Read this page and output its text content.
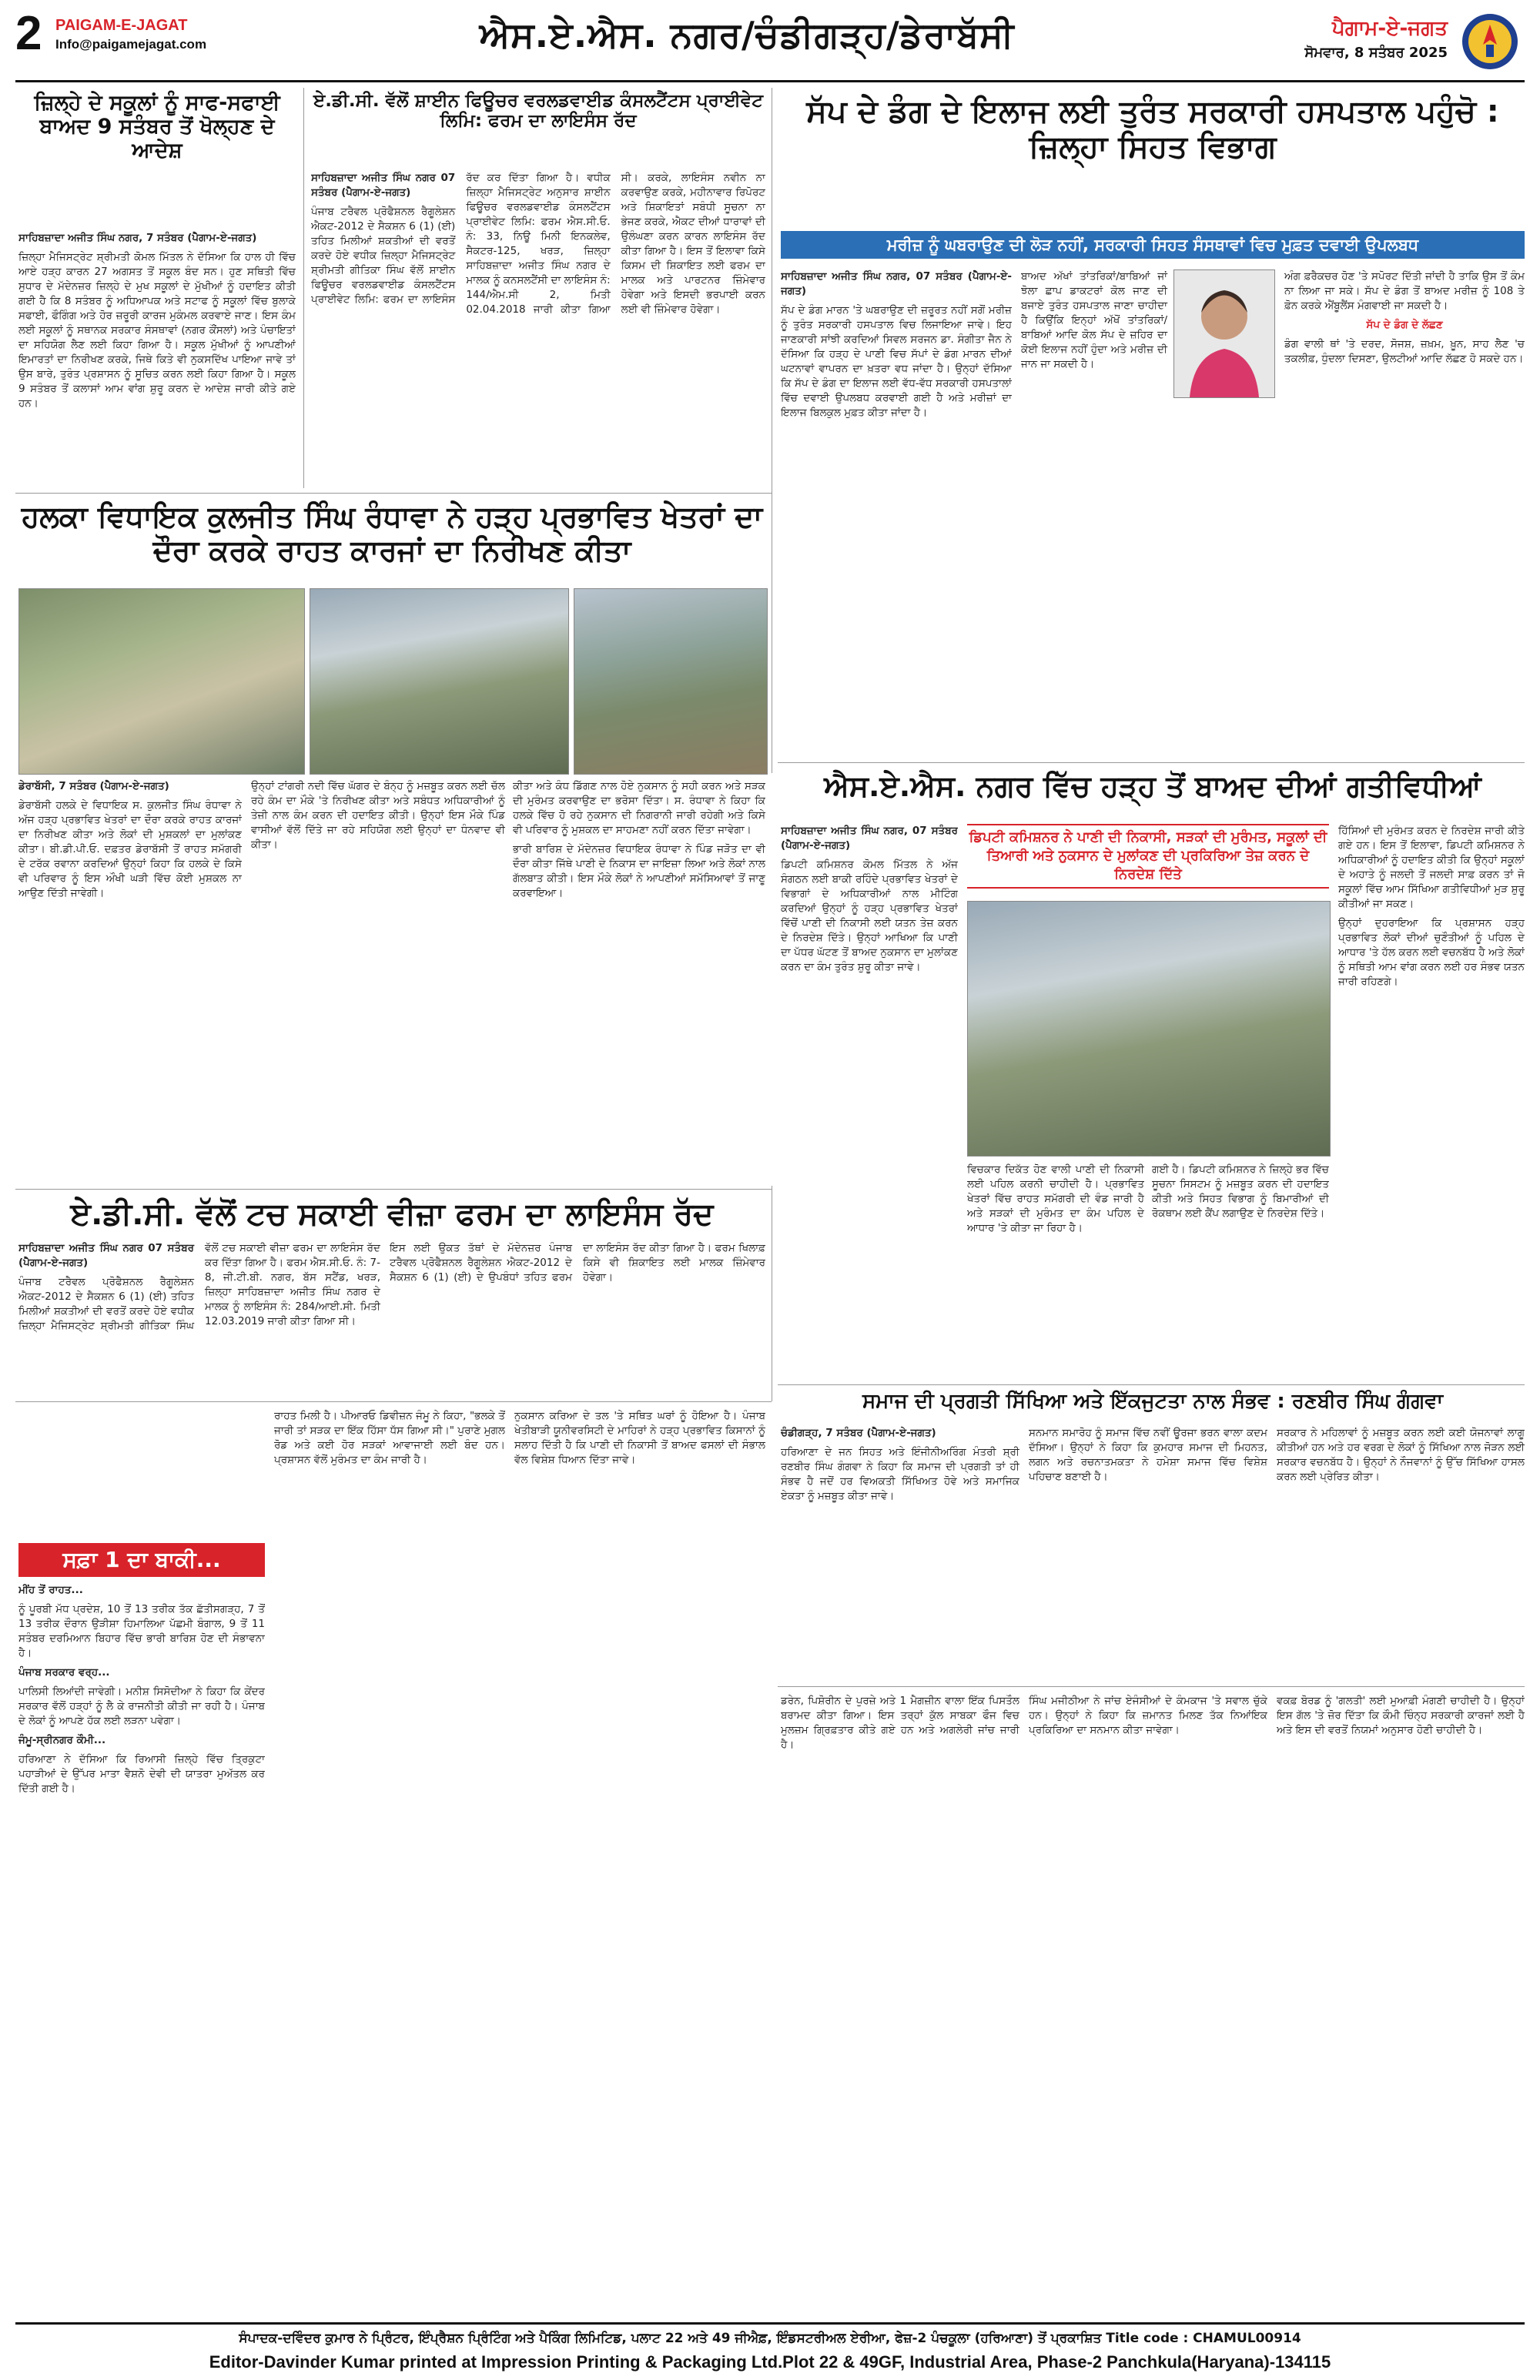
2 PAIGAM-E-JAGAT
Info@paigamejagat.com	ਐਸ.ਏ.ਐਸ. ਨਗਰ/ਚੰਡੀਗੜ੍ਹ/ਡੇਰਾਬੱਸੀ	ਪੈਗਾਮ-ਏ-ਜਗਤ
ਸੋਮਵਾਰ, 8 ਸਤੰਬਰ 2025
ਜ਼ਿਲ੍ਹੇ ਦੇ ਸਕੂਲਾਂ ਨੂੰ ਸਾਫ-ਸਫਾਈ ਬਾਅਦ 9 ਸਤੰਬਰ ਤੋਂ ਖੋਲ੍ਹਣ ਦੇ ਆਦੇਸ਼

ਸਾਹਿਬਜ਼ਾਦਾ ਅਜੀਤ ਸਿੰਘ ਨਗਰ, 7 ਸਤੰਬਰ (ਪੈਗਾਮ-ਏ-ਜਗਤ)

ਜ਼ਿਲ੍ਹਾ ਮੈਜਿਸਟ੍ਰੇਟ ਸ਼੍ਰੀਮਤੀ ਕੋਮਲ ਮਿੱਤਲ ਨੇ ਦੱਸਿਆ ਕਿ ਹਾਲ ਹੀ ਵਿੱਚ ਆਏ ਹੜ੍ਹ ਕਾਰਨ 27 ਅਗਸਤ ਤੋਂ ਸਕੂਲ ਬੰਦ ਸਨ। ਹੁਣ ਸਥਿਤੀ ਵਿੱਚ ਸੁਧਾਰ ਦੇ ਮੱਦੇਨਜ਼ਰ ਜ਼ਿਲ੍ਹੇ ਦੇ ਮੁਖ ਸਕੂਲਾਂ ਦੇ ਮੁੱਖੀਆਂ ਨੂੰ ਹਦਾਇਤ ਕੀਤੀ ਗਈ ਹੈ ਕਿ 8 ਸਤੰਬਰ ਨੂੰ ਅਧਿਆਪਕ ਅਤੇ ਸਟਾਫ ਨੂੰ ਸਕੂਲਾਂ ਵਿੱਚ ਬੁਲਾਕੇ ਸਫਾਈ, ਫੌਗਿੰਗ ਅਤੇ ਹੋਰ ਜ਼ਰੂਰੀ ਕਾਰਜ ਮੁਕੰਮਲ ਕਰਵਾਏ ਜਾਣ। ਇਸ ਕੰਮ ਲਈ ਸਕੂਲਾਂ ਨੂੰ ਸਥਾਨਕ ਸਰਕਾਰ ਸੰਸਥਾਵਾਂ (ਨਗਰ ਕੌਂਸਲਾਂ) ਅਤੇ ਪੰਚਾਇਤਾਂ ਦਾ ਸਹਿਯੋਗ ਲੈਣ ਲਈ ਕਿਹਾ ਗਿਆ ਹੈ। ਸਕੂਲ ਮੁੱਖੀਆਂ ਨੂੰ ਆਪਣੀਆਂ ਇਮਾਰਤਾਂ ਦਾ ਨਿਰੀਖਣ ਕਰਕੇ, ਜਿਥੇ ਕਿਤੇ ਵੀ ਨੁਕਸਦਿੱਖ ਪਾਇਆ ਜਾਵੇ ਤਾਂ ਉਸ ਬਾਰੇ, ਤੁਰੰਤ ਪ੍ਰਸ਼ਾਸਨ ਨੂੰ ਸੂਚਿਤ ਕਰਨ ਲਈ ਕਿਹਾ ਗਿਆ ਹੈ। ਸਕੂਲ 9 ਸਤੰਬਰ ਤੋਂ ਕਲਾਸਾਂ ਆਮ ਵਾਂਗ ਸ਼ੁਰੂ ਕਰਨ ਦੇ ਆਦੇਸ਼ ਜਾਰੀ ਕੀਤੇ ਗਏ ਹਨ।

ਏ.ਡੀ.ਸੀ. ਵੱਲੋਂ ਸ਼ਾਈਨ ਫਿਊਚਰ ਵਰਲਡਵਾਈਡ ਕੰਸਲਟੈਂਟਸ ਪ੍ਰਾਈਵੇਟ ਲਿਮਿ: ਫਰਮ ਦਾ ਲਾਇਸੰਸ ਰੱਦ

ਸਾਹਿਬਜ਼ਾਦਾ ਅਜੀਤ ਸਿੰਘ ਨਗਰ 07 ਸਤੰਬਰ (ਪੈਗਾਮ-ਏ-ਜਗਤ)

ਪੰਜਾਬ ਟਰੈਵਲ ਪ੍ਰੋਫੈਸ਼ਨਲ ਰੈਗੂਲੇਸ਼ਨ ਐਕਟ-2012 ਦੇ ਸੈਕਸ਼ਨ 6 (1) (ਈ) ਤਹਿਤ ਮਿਲੀਆਂ ਸ਼ਕਤੀਆਂ ਦੀ ਵਰਤੋਂ ਕਰਦੇ ਹੋਏ ਵਧੀਕ ਜ਼ਿਲ੍ਹਾ ਮੈਜਿਸਟ੍ਰੇਟ ਸ਼੍ਰੀਮਤੀ ਗੀਤਿਕਾ ਸਿੰਘ ਵੱਲੋਂ ਸ਼ਾਈਨ ਫਿਊਚਰ ਵਰਲਡਵਾਈਡ ਕੰਸਲਟੈਂਟਸ ਪ੍ਰਾਈਵੇਟ ਲਿਮਿ: ਫਰਮ ਦਾ ਲਾਇਸੰਸ ਰੱਦ ਕਰ ਦਿੱਤਾ ਗਿਆ ਹੈ। ਵਧੀਕ ਜ਼ਿਲ੍ਹਾ ਮੈਜਿਸਟ੍ਰੇਟ ਅਨੁਸਾਰ ਸ਼ਾਈਨ ਫਿਊਚਰ ਵਰਲਡਵਾਈਡ ਕੰਸਲਟੈਂਟਸ ਪ੍ਰਾਈਵੇਟ ਲਿਮਿ: ਫਰਮ ਐਸ.ਸੀ.ਓ. ਨੰ: 33, ਨਿਊ ਮਿਨੀ ਇਨਕਲੇਵ, ਸੈਕਟਰ-125, ਖਰੜ, ਜ਼ਿਲ੍ਹਾ ਸਾਹਿਬਜ਼ਾਦਾ ਅਜੀਤ ਸਿੰਘ ਨਗਰ ਦੇ ਮਾਲਕ ਨੂੰ ਕਨਸਲਟੈਂਸੀ ਦਾ ਲਾਇਸੰਸ ਨੰ: 144/ਐਮ.ਸੀ 2, ਮਿਤੀ 02.04.2018 ਜਾਰੀ ਕੀਤਾ ਗਿਆ ਸੀ। ਕਰਕੇ, ਲਾਇਸੰਸ ਨਵੀਨ ਨਾ ਕਰਵਾਉਣ ਕਰਕੇ, ਮਹੀਨਾਵਾਰ ਰਿਪੋਰਟ ਅਤੇ ਸ਼ਿਕਾਇਤਾਂ ਸਬੰਧੀ ਸੂਚਨਾ ਨਾ ਭੇਜਣ ਕਰਕੇ, ਐਕਟ ਦੀਆਂ ਧਾਰਾਵਾਂ ਦੀ ਉਲੰਘਣਾ ਕਰਨ ਕਾਰਨ ਲਾਇਸੰਸ ਰੱਦ ਕੀਤਾ ਗਿਆ ਹੈ। ਇਸ ਤੋਂ ਇਲਾਵਾ ਕਿਸੇ ਕਿਸਮ ਦੀ ਸ਼ਿਕਾਇਤ ਲਈ ਫਰਮ ਦਾ ਮਾਲਕ ਅਤੇ ਪਾਰਟਨਰ ਜ਼ਿੰਮੇਵਾਰ ਹੋਵੇਗਾ ਅਤੇ ਇਸਦੀ ਭਰਪਾਈ ਕਰਨ ਲਈ ਵੀ ਜ਼ਿੰਮੇਵਾਰ ਹੋਵੇਗਾ।

ਸੱਪ ਦੇ ਡੰਗ ਦੇ ਇਲਾਜ ਲਈ ਤੁਰੰਤ ਸਰਕਾਰੀ ਹਸਪਤਾਲ ਪਹੁੰਚੋ : ਜ਼ਿਲ੍ਹਾ ਸਿਹਤ ਵਿਭਾਗ
ਮਰੀਜ਼ ਨੂੰ ਘਬਰਾਉਣ ਦੀ ਲੋੜ ਨਹੀਂ, ਸਰਕਾਰੀ ਸਿਹਤ ਸੰਸਥਾਵਾਂ ਵਿਚ ਮੁਫ਼ਤ ਦਵਾਈ ਉਪਲਬਧ

ਸਾਹਿਬਜ਼ਾਦਾ ਅਜੀਤ ਸਿੰਘ ਨਗਰ, 07 ਸਤੰਬਰ (ਪੈਗਾਮ-ਏ-ਜਗਤ)

ਸੱਪ ਦੇ ਡੰਗ ਮਾਰਨ 'ਤੇ ਘਬਰਾਉਣ ਦੀ ਜ਼ਰੂਰਤ ਨਹੀਂ ਸਗੋਂ ਮਰੀਜ਼ ਨੂੰ ਤੁਰੰਤ ਸਰਕਾਰੀ ਹਸਪਤਾਲ ਵਿਚ ਲਿਜਾਇਆ ਜਾਵੇ। ਇਹ ਜਾਣਕਾਰੀ ਸਾਂਝੀ ਕਰਦਿਆਂ ਸਿਵਲ ਸਰਜਨ ਡਾ. ਸੰਗੀਤਾ ਜੈਨ ਨੇ ਦੱਸਿਆ ਕਿ ਹੜ੍ਹ ਦੇ ਪਾਣੀ ਵਿਚ ਸੱਪਾਂ ਦੇ ਡੰਗ ਮਾਰਨ ਦੀਆਂ ਘਟਨਾਵਾਂ ਵਾਪਰਨ ਦਾ ਖ਼ਤਰਾ ਵਧ ਜਾਂਦਾ ਹੈ। ਉਨ੍ਹਾਂ ਦੱਸਿਆ ਕਿ ਸੱਪ ਦੇ ਡੰਗ ਦਾ ਇਲਾਜ ਲਈ ਵੱਧ-ਵੱਧ ਸਰਕਾਰੀ ਹਸਪਤਾਲਾਂ ਵਿੱਚ ਦਵਾਈ ਉਪਲਬਧ ਕਰਵਾਈ ਗਈ ਹੈ ਅਤੇ ਮਰੀਜ਼ਾਂ ਦਾ ਇਲਾਜ ਬਿਲਕੁਲ ਮੁਫ਼ਤ ਕੀਤਾ ਜਾਂਦਾ ਹੈ।

ਬਾਅਦ ਅੱਖਾਂ ਤਾਂਤਰਿਕਾਂ/ਬਾਬਿਆਂ ਜਾਂ ਝੋਲਾ ਛਾਪ ਡਾਕਟਰਾਂ ਕੋਲ ਜਾਣ ਦੀ ਬਜਾਏ ਤੁਰੰਤ ਹਸਪਤਾਲ ਜਾਣਾ ਚਾਹੀਦਾ ਹੈ ਕਿਉਂਕਿ ਇਨ੍ਹਾਂ ਅੱਖੋਂ ਤਾਂਤਰਿਕਾਂ/ਬਾਬਿਆਂ ਆਦਿ ਕੋਲ ਸੱਪ ਦੇ ਜ਼ਹਿਰ ਦਾ ਕੋਈ ਇਲਾਜ ਨਹੀਂ ਹੁੰਦਾ ਅਤੇ ਮਰੀਜ਼ ਦੀ ਜਾਨ ਜਾ ਸਕਦੀ ਹੈ।

ਅੰਗ ਫ਼ਰੈਕਚਰ ਹੋਣ 'ਤੇ ਸਪੋਰਟ ਦਿੱਤੀ ਜਾਂਦੀ ਹੈ ਤਾਕਿ ਉਸ ਤੋਂ ਕੰਮ ਨਾ ਲਿਆ ਜਾ ਸਕੇ। ਸੱਪ ਦੇ ਡੰਗ ਤੋਂ ਬਾਅਦ ਮਰੀਜ਼ ਨੂੰ 108 ਤੇ ਫ਼ੋਨ ਕਰਕੇ ਐਂਬੂਲੈਂਸ ਮੰਗਵਾਈ ਜਾ ਸਕਦੀ ਹੈ।

ਸੱਪ ਦੇ ਡੰਗ ਦੇ ਲੱਛਣ

ਡੰਗ ਵਾਲੀ ਥਾਂ 'ਤੇ ਦਰਦ, ਸੋਜਸ਼, ਜ਼ਖ਼ਮ, ਖ਼ੂਨ, ਸਾਹ ਲੈਣ 'ਚ ਤਕਲੀਫ਼, ਧੁੰਦਲਾ ਦਿਸਣਾ, ਉਲਟੀਆਂ ਆਦਿ ਲੱਛਣ ਹੋ ਸਕਦੇ ਹਨ।

ਹਲਕਾ ਵਿਧਾਇਕ ਕੁਲਜੀਤ ਸਿੰਘ ਰੰਧਾਵਾ ਨੇ ਹੜ੍ਹ ਪ੍ਰਭਾਵਿਤ ਖੇਤਰਾਂ ਦਾ ਦੌਰਾ ਕਰਕੇ ਰਾਹਤ ਕਾਰਜਾਂ ਦਾ ਨਿਰੀਖਣ ਕੀਤਾ

ਡੇਰਾਬੱਸੀ, 7 ਸਤੰਬਰ (ਪੈਗਾਮ-ਏ-ਜਗਤ)

ਡੇਰਾਬੱਸੀ ਹਲਕੇ ਦੇ ਵਿਧਾਇਕ ਸ. ਕੁਲਜੀਤ ਸਿੰਘ ਰੰਧਾਵਾ ਨੇ ਅੱਜ ਹੜ੍ਹ ਪ੍ਰਭਾਵਿਤ ਖੇਤਰਾਂ ਦਾ ਦੌਰਾ ਕਰਕੇ ਰਾਹਤ ਕਾਰਜਾਂ ਦਾ ਨਿਰੀਖਣ ਕੀਤਾ ਅਤੇ ਲੋਕਾਂ ਦੀ ਮੁਸ਼ਕਲਾਂ ਦਾ ਮੁਲਾਂਕਣ ਕੀਤਾ। ਬੀ.ਡੀ.ਪੀ.ਓ. ਦਫ਼ਤਰ ਡੇਰਾਬੱਸੀ ਤੋਂ ਰਾਹਤ ਸਮੱਗਰੀ ਦੇ ਟਰੱਕ ਰਵਾਨਾ ਕਰਦਿਆਂ ਉਨ੍ਹਾਂ ਕਿਹਾ ਕਿ ਹਲਕੇ ਦੇ ਕਿਸੇ ਵੀ ਪਰਿਵਾਰ ਨੂੰ ਇਸ ਔਖੀ ਘੜੀ ਵਿੱਚ ਕੋਈ ਮੁਸ਼ਕਲ ਨਾ ਆਉਣ ਦਿੱਤੀ ਜਾਵੇਗੀ।

ਉਨ੍ਹਾਂ ਟਾਂਗਰੀ ਨਦੀ ਵਿੱਚ ਘੱਗਰ ਦੇ ਬੰਨ੍ਹ ਨੂੰ ਮਜ਼ਬੂਤ ਕਰਨ ਲਈ ਚੱਲ ਰਹੇ ਕੰਮ ਦਾ ਮੌਕੇ 'ਤੇ ਨਿਰੀਖਣ ਕੀਤਾ ਅਤੇ ਸਬੰਧਤ ਅਧਿਕਾਰੀਆਂ ਨੂੰ ਤੇਜ਼ੀ ਨਾਲ ਕੰਮ ਕਰਨ ਦੀ ਹਦਾਇਤ ਕੀਤੀ। ਉਨ੍ਹਾਂ ਇਸ ਮੌਕੇ ਪਿੰਡ ਵਾਸੀਆਂ ਵੱਲੋਂ ਦਿੱਤੇ ਜਾ ਰਹੇ ਸਹਿਯੋਗ ਲਈ ਉਨ੍ਹਾਂ ਦਾ ਧੰਨਵਾਦ ਵੀ ਕੀਤਾ।

ਕੀਤਾ ਅਤੇ ਕੰਧ ਡਿੱਗਣ ਨਾਲ ਹੋਏ ਨੁਕਸਾਨ ਨੂੰ ਸਹੀ ਕਰਨ ਅਤੇ ਸੜਕ ਦੀ ਮੁਰੰਮਤ ਕਰਵਾਉਣ ਦਾ ਭਰੋਸਾ ਦਿੱਤਾ। ਸ. ਰੰਧਾਵਾ ਨੇ ਕਿਹਾ ਕਿ ਹਲਕੇ ਵਿੱਚ ਹੋ ਰਹੇ ਨੁਕਸਾਨ ਦੀ ਨਿਗਰਾਨੀ ਜਾਰੀ ਰਹੇਗੀ ਅਤੇ ਕਿਸੇ ਵੀ ਪਰਿਵਾਰ ਨੂੰ ਮੁਸ਼ਕਲ ਦਾ ਸਾਹਮਣਾ ਨਹੀਂ ਕਰਨ ਦਿੱਤਾ ਜਾਵੇਗਾ।

ਭਾਰੀ ਬਾਰਿਸ਼ ਦੇ ਮੱਦੇਨਜ਼ਰ ਵਿਧਾਇਕ ਰੰਧਾਵਾ ਨੇ ਪਿੰਡ ਜੜੋਤ ਦਾ ਵੀ ਦੌਰਾ ਕੀਤਾ ਜਿੱਥੇ ਪਾਣੀ ਦੇ ਨਿਕਾਸ ਦਾ ਜਾਇਜ਼ਾ ਲਿਆ ਅਤੇ ਲੋਕਾਂ ਨਾਲ ਗੱਲਬਾਤ ਕੀਤੀ। ਇਸ ਮੌਕੇ ਲੋਕਾਂ ਨੇ ਆਪਣੀਆਂ ਸਮੱਸਿਆਵਾਂ ਤੋਂ ਜਾਣੂ ਕਰਵਾਇਆ।

ਐਸ.ਏ.ਐਸ. ਨਗਰ ਵਿੱਚ ਹੜ੍ਹ ਤੋਂ ਬਾਅਦ ਦੀਆਂ ਗਤੀਵਿਧੀਆਂ

ਸਾਹਿਬਜ਼ਾਦਾ ਅਜੀਤ ਸਿੰਘ ਨਗਰ, 07 ਸਤੰਬਰ (ਪੈਗਾਮ-ਏ-ਜਗਤ)

ਡਿਪਟੀ ਕਮਿਸ਼ਨਰ ਕੋਮਲ ਮਿੱਤਲ ਨੇ ਅੱਜ ਸੰਗਠਨ ਲਈ ਬਾਕੀ ਰਹਿੰਦੇ ਪ੍ਰਭਾਵਿਤ ਖੇਤਰਾਂ ਦੇ ਵਿਭਾਗਾਂ ਦੇ ਅਧਿਕਾਰੀਆਂ ਨਾਲ ਮੀਟਿੰਗ ਕਰਦਿਆਂ ਉਨ੍ਹਾਂ ਨੂੰ ਹੜ੍ਹ ਪ੍ਰਭਾਵਿਤ ਖੇਤਰਾਂ ਵਿੱਚੋਂ ਪਾਣੀ ਦੀ ਨਿਕਾਸੀ ਲਈ ਯਤਨ ਤੇਜ਼ ਕਰਨ ਦੇ ਨਿਰਦੇਸ਼ ਦਿੱਤੇ। ਉਨ੍ਹਾਂ ਆਖਿਆ ਕਿ ਪਾਣੀ ਦਾ ਪੱਧਰ ਘੱਟਣ ਤੋਂ ਬਾਅਦ ਨੁਕਸਾਨ ਦਾ ਮੁਲਾਂਕਣ ਕਰਨ ਦਾ ਕੰਮ ਤੁਰੰਤ ਸ਼ੁਰੂ ਕੀਤਾ ਜਾਵੇ।

ਡਿਪਟੀ ਕਮਿਸ਼ਨਰ ਨੇ ਪਾਣੀ ਦੀ ਨਿਕਾਸੀ, ਸੜਕਾਂ ਦੀ ਮੁਰੰਮਤ, ਸਕੂਲਾਂ ਦੀ ਤਿਆਰੀ ਅਤੇ ਨੁਕਸਾਨ ਦੇ ਮੁਲਾਂਕਣ ਦੀ ਪ੍ਰਕਿਰਿਆ ਤੇਜ਼ ਕਰਨ ਦੇ ਨਿਰਦੇਸ਼ ਦਿੱਤੇ

ਹਿੱਸਿਆਂ ਦੀ ਮੁਰੰਮਤ ਕਰਨ ਦੇ ਨਿਰਦੇਸ਼ ਜਾਰੀ ਕੀਤੇ ਗਏ ਹਨ। ਇਸ ਤੋਂ ਇਲਾਵਾ, ਡਿਪਟੀ ਕਮਿਸ਼ਨਰ ਨੇ ਅਧਿਕਾਰੀਆਂ ਨੂੰ ਹਦਾਇਤ ਕੀਤੀ ਕਿ ਉਨ੍ਹਾਂ ਸਕੂਲਾਂ ਦੇ ਅਹਾਤੇ ਨੂੰ ਜਲਦੀ ਤੋਂ ਜਲਦੀ ਸਾਫ਼ ਕਰਨ ਤਾਂ ਜੋ ਸਕੂਲਾਂ ਵਿੱਚ ਆਮ ਸਿੱਖਿਆ ਗਤੀਵਿਧੀਆਂ ਮੁੜ ਸ਼ੁਰੂ ਕੀਤੀਆਂ ਜਾ ਸਕਣ।

ਉਨ੍ਹਾਂ ਦੁਹਰਾਇਆ ਕਿ ਪ੍ਰਸ਼ਾਸਨ ਹੜ੍ਹ ਪ੍ਰਭਾਵਿਤ ਲੋਕਾਂ ਦੀਆਂ ਚੁਣੌਤੀਆਂ ਨੂੰ ਪਹਿਲ ਦੇ ਆਧਾਰ 'ਤੇ ਹੱਲ ਕਰਨ ਲਈ ਵਚਨਬੱਧ ਹੈ ਅਤੇ ਲੋਕਾਂ ਨੂੰ ਸਥਿਤੀ ਆਮ ਵਾਂਗ ਕਰਨ ਲਈ ਹਰ ਸੰਭਵ ਯਤਨ ਜਾਰੀ ਰਹਿਣਗੇ।

ਵਿਚਕਾਰ ਦਿਕੱਤ ਹੋਣ ਵਾਲੀ ਪਾਣੀ ਦੀ ਨਿਕਾਸੀ ਲਈ ਪਹਿਲ ਕਰਨੀ ਚਾਹੀਦੀ ਹੈ। ਪ੍ਰਭਾਵਿਤ ਖੇਤਰਾਂ ਵਿੱਚ ਰਾਹਤ ਸਮੱਗਰੀ ਦੀ ਵੰਡ ਜਾਰੀ ਹੈ ਅਤੇ ਸੜਕਾਂ ਦੀ ਮੁਰੰਮਤ ਦਾ ਕੰਮ ਪਹਿਲ ਦੇ ਆਧਾਰ 'ਤੇ ਕੀਤਾ ਜਾ ਰਿਹਾ ਹੈ।

ਗਈ ਹੈ। ਡਿਪਟੀ ਕਮਿਸ਼ਨਰ ਨੇ ਜ਼ਿਲ੍ਹੇ ਭਰ ਵਿੱਚ ਸੂਚਨਾ ਸਿਸਟਮ ਨੂੰ ਮਜ਼ਬੂਤ ਕਰਨ ਦੀ ਹਦਾਇਤ ਕੀਤੀ ਅਤੇ ਸਿਹਤ ਵਿਭਾਗ ਨੂੰ ਬਿਮਾਰੀਆਂ ਦੀ ਰੋਕਥਾਮ ਲਈ ਕੈਂਪ ਲਗਾਉਣ ਦੇ ਨਿਰਦੇਸ਼ ਦਿੱਤੇ।

ਏ.ਡੀ.ਸੀ. ਵੱਲੋਂ ਟਚ ਸਕਾਈ ਵੀਜ਼ਾ ਫਰਮ ਦਾ ਲਾਇਸੰਸ ਰੱਦ

ਸਾਹਿਬਜ਼ਾਦਾ ਅਜੀਤ ਸਿੰਘ ਨਗਰ 07 ਸਤੰਬਰ (ਪੈਗਾਮ-ਏ-ਜਗਤ)

ਪੰਜਾਬ ਟਰੈਵਲ ਪ੍ਰੋਫੈਸ਼ਨਲ ਰੈਗੂਲੇਸ਼ਨ ਐਕਟ-2012 ਦੇ ਸੈਕਸ਼ਨ 6 (1) (ਈ) ਤਹਿਤ ਮਿਲੀਆਂ ਸ਼ਕਤੀਆਂ ਦੀ ਵਰਤੋਂ ਕਰਦੇ ਹੋਏ ਵਧੀਕ ਜ਼ਿਲ੍ਹਾ ਮੈਜਿਸਟ੍ਰੇਟ ਸ਼੍ਰੀਮਤੀ ਗੀਤਿਕਾ ਸਿੰਘ ਵੱਲੋਂ ਟਚ ਸਕਾਈ ਵੀਜ਼ਾ ਫਰਮ ਦਾ ਲਾਇਸੰਸ ਰੱਦ ਕਰ ਦਿੱਤਾ ਗਿਆ ਹੈ। ਫਰਮ ਐਸ.ਸੀ.ਓ. ਨੰ: 7-8, ਜੀ.ਟੀ.ਬੀ. ਨਗਰ, ਬੱਸ ਸਟੈਂਡ, ਖਰੜ, ਜ਼ਿਲ੍ਹਾ ਸਾਹਿਬਜ਼ਾਦਾ ਅਜੀਤ ਸਿੰਘ ਨਗਰ ਦੇ ਮਾਲਕ ਨੂੰ ਲਾਇਸੰਸ ਨੰ: 284/ਆਈ.ਸੀ. ਮਿਤੀ 12.03.2019 ਜਾਰੀ ਕੀਤਾ ਗਿਆ ਸੀ।

ਇਸ ਲਈ ਉਕਤ ਤੱਥਾਂ ਦੇ ਮੱਦੇਨਜ਼ਰ ਪੰਜਾਬ ਟਰੈਵਲ ਪ੍ਰੋਫੈਸ਼ਨਲ ਰੈਗੂਲੇਸ਼ਨ ਐਕਟ-2012 ਦੇ ਸੈਕਸ਼ਨ 6 (1) (ਈ) ਦੇ ਉਪਬੰਧਾਂ ਤਹਿਤ ਫਰਮ ਦਾ ਲਾਇਸੰਸ ਰੱਦ ਕੀਤਾ ਗਿਆ ਹੈ। ਫਰਮ ਖਿਲਾਫ਼ ਕਿਸੇ ਵੀ ਸ਼ਿਕਾਇਤ ਲਈ ਮਾਲਕ ਜ਼ਿੰਮੇਵਾਰ ਹੋਵੇਗਾ।

ਸਮਾਜ ਦੀ ਪ੍ਰਗਤੀ ਸਿੱਖਿਆ ਅਤੇ ਇੱਕਜੁਟਤਾ ਨਾਲ ਸੰਭਵ : ਰਣਬੀਰ ਸਿੰਘ ਗੰਗਵਾ

ਚੰਡੀਗੜ੍ਹ, 7 ਸਤੰਬਰ (ਪੈਗਾਮ-ਏ-ਜਗਤ)

ਹਰਿਆਣਾ ਦੇ ਜਨ ਸਿਹਤ ਅਤੇ ਇੰਜੀਨੀਅਰਿੰਗ ਮੰਤਰੀ ਸ਼੍ਰੀ ਰਣਬੀਰ ਸਿੰਘ ਗੰਗਵਾ ਨੇ ਕਿਹਾ ਕਿ ਸਮਾਜ ਦੀ ਪ੍ਰਗਤੀ ਤਾਂ ਹੀ ਸੰਭਵ ਹੈ ਜਦੋਂ ਹਰ ਵਿਅਕਤੀ ਸਿੱਖਿਅਤ ਹੋਵੇ ਅਤੇ ਸਮਾਜਿਕ ਏਕਤਾ ਨੂੰ ਮਜ਼ਬੂਤ ਕੀਤਾ ਜਾਵੇ।

ਸਨਮਾਨ ਸਮਾਰੋਹ ਨੂੰ ਸਮਾਜ ਵਿੱਚ ਨਵੀਂ ਊਰਜਾ ਭਰਨ ਵਾਲਾ ਕਦਮ ਦੱਸਿਆ। ਉਨ੍ਹਾਂ ਨੇ ਕਿਹਾ ਕਿ ਕੁਮਹਾਰ ਸਮਾਜ ਦੀ ਮਿਹਨਤ, ਲਗਨ ਅਤੇ ਰਚਨਾਤਮਕਤਾ ਨੇ ਹਮੇਸ਼ਾ ਸਮਾਜ ਵਿੱਚ ਵਿਸ਼ੇਸ਼ ਪਹਿਚਾਣ ਬਣਾਈ ਹੈ।

ਸਰਕਾਰ ਨੇ ਮਹਿਲਾਵਾਂ ਨੂੰ ਮਜ਼ਬੂਤ ਕਰਨ ਲਈ ਕਈ ਯੋਜਨਾਵਾਂ ਲਾਗੂ ਕੀਤੀਆਂ ਹਨ ਅਤੇ ਹਰ ਵਰਗ ਦੇ ਲੋਕਾਂ ਨੂੰ ਸਿੱਖਿਆ ਨਾਲ ਜੋੜਨ ਲਈ ਸਰਕਾਰ ਵਚਨਬੱਧ ਹੈ। ਉਨ੍ਹਾਂ ਨੇ ਨੌਜਵਾਨਾਂ ਨੂੰ ਉੱਚ ਸਿੱਖਿਆ ਹਾਸਲ ਕਰਨ ਲਈ ਪ੍ਰੇਰਿਤ ਕੀਤਾ।

ਸਫ਼ਾ 1 ਦਾ ਬਾਕੀ...

ਮੀਂਹ ਤੋਂ ਰਾਹਤ...

ਨੂੰ ਪੂਰਬੀ ਮੱਧ ਪ੍ਰਦੇਸ਼, 10 ਤੋਂ 13 ਤਰੀਕ ਤੱਕ ਛੱਤੀਸਗੜ੍ਹ, 7 ਤੋਂ 13 ਤਰੀਕ ਦੌਰਾਨ ਉੜੀਸ਼ਾ ਹਿਮਾਲਿਆ ਪੱਛਮੀ ਬੰਗਾਲ, 9 ਤੋਂ 11 ਸਤੰਬਰ ਦਰਮਿਆਨ ਬਿਹਾਰ ਵਿੱਚ ਭਾਰੀ ਬਾਰਿਸ਼ ਹੋਣ ਦੀ ਸੰਭਾਵਨਾ ਹੈ।

ਪੰਜਾਬ ਸਰਕਾਰ ਵਰ੍ਹ...

ਪਾਲਿਸੀ ਲਿਆਂਦੀ ਜਾਵੇਗੀ। ਮਨੀਸ਼ ਸਿਸੋਦੀਆ ਨੇ ਕਿਹਾ ਕਿ ਕੇਂਦਰ ਸਰਕਾਰ ਵੱਲੋਂ ਹੜ੍ਹਾਂ ਨੂੰ ਲੈ ਕੇ ਰਾਜਨੀਤੀ ਕੀਤੀ ਜਾ ਰਹੀ ਹੈ। ਪੰਜਾਬ ਦੇ ਲੋਕਾਂ ਨੂੰ ਆਪਣੇ ਹੱਕ ਲਈ ਲੜਨਾ ਪਵੇਗਾ।

ਜੰਮੂ-ਸ੍ਰੀਨਗਰ ਕੌਮੀ...

ਹਰਿਆਣਾ ਨੇ ਦੱਸਿਆ ਕਿ ਰਿਆਸੀ ਜ਼ਿਲ੍ਹੇ ਵਿੱਚ ਤ੍ਰਿਕੁਟਾ ਪਹਾੜੀਆਂ ਦੇ ਉੱਪਰ ਮਾਤਾ ਵੈਸ਼ਨੋ ਦੇਵੀ ਦੀ ਯਾਤਰਾ ਮੁਅੱਤਲ ਕਰ ਦਿੱਤੀ ਗਈ ਹੈ।

ਰਾਹਤ ਮਿਲੀ ਹੈ। ਪੀਆਰਓ ਡਿਵੀਜ਼ਨ ਜੰਮੂ ਨੇ ਕਿਹਾ, "ਭਲਕੇ ਤੋਂ ਜਾਰੀ ਤਾਂ ਸੜਕ ਦਾ ਇੱਕ ਹਿੱਸਾ ਧੱਸ ਗਿਆ ਸੀ।" ਪੁਰਾਣੇ ਮੁਗਲ ਰੋਡ ਅਤੇ ਕਈ ਹੋਰ ਸੜਕਾਂ ਆਵਾਜਾਈ ਲਈ ਬੰਦ ਹਨ। ਪ੍ਰਸ਼ਾਸਨ ਵੱਲੋਂ ਮੁਰੰਮਤ ਦਾ ਕੰਮ ਜਾਰੀ ਹੈ।

ਨੁਕਸਾਨ ਕਰਿਆ ਦੇ ਤਲ 'ਤੇ ਸਥਿਤ ਘਰਾਂ ਨੂੰ ਹੋਇਆ ਹੈ। ਪੰਜਾਬ ਖੇਤੀਬਾੜੀ ਯੂਨੀਵਰਸਿਟੀ ਦੇ ਮਾਹਿਰਾਂ ਨੇ ਹੜ੍ਹ ਪ੍ਰਭਾਵਿਤ ਕਿਸਾਨਾਂ ਨੂੰ ਸਲਾਹ ਦਿੱਤੀ ਹੈ ਕਿ ਪਾਣੀ ਦੀ ਨਿਕਾਸੀ ਤੋਂ ਬਾਅਦ ਫਸਲਾਂ ਦੀ ਸੰਭਾਲ ਵੱਲ ਵਿਸ਼ੇਸ਼ ਧਿਆਨ ਦਿੱਤਾ ਜਾਵੇ।

ਡਰੇਨ, ਪਿਸ਼ੋਰੀਨ ਦੇ ਪੁਰਜ਼ੇ ਅਤੇ 1 ਮੈਗਜ਼ੀਨ ਵਾਲਾ ਇੱਕ ਪਿਸਤੌਲ ਬਰਾਮਦ ਕੀਤਾ ਗਿਆ। ਇਸ ਤਰ੍ਹਾਂ ਕੁੱਲ ਸਾਬਕਾ ਫੌਜ ਵਿਚ ਮੁਲਜ਼ਮ ਗ੍ਰਿਫ਼ਤਾਰ ਕੀਤੇ ਗਏ ਹਨ ਅਤੇ ਅਗਲੇਰੀ ਜਾਂਚ ਜਾਰੀ ਹੈ।

ਸਿੰਘ ਮਜੀਠੀਆ ਨੇ ਜਾਂਚ ਏਜੰਸੀਆਂ ਦੇ ਕੰਮਕਾਜ 'ਤੇ ਸਵਾਲ ਚੁੱਕੇ ਹਨ। ਉਨ੍ਹਾਂ ਨੇ ਕਿਹਾ ਕਿ ਜ਼ਮਾਨਤ ਮਿਲਣ ਤੱਕ ਨਿਆਂਇਕ ਪ੍ਰਕਿਰਿਆ ਦਾ ਸਨਮਾਨ ਕੀਤਾ ਜਾਵੇਗਾ।

ਵਕਫ਼ ਬੋਰਡ ਨੂੰ 'ਗਲਤੀ' ਲਈ ਮੁਆਫ਼ੀ ਮੰਗਣੀ ਚਾਹੀਦੀ ਹੈ। ਉਨ੍ਹਾਂ ਇਸ ਗੱਲ 'ਤੇ ਜ਼ੋਰ ਦਿੱਤਾ ਕਿ ਕੌਮੀ ਚਿੰਨ੍ਹ ਸਰਕਾਰੀ ਕਾਰਜਾਂ ਲਈ ਹੈ ਅਤੇ ਇਸ ਦੀ ਵਰਤੋਂ ਨਿਯਮਾਂ ਅਨੁਸਾਰ ਹੋਣੀ ਚਾਹੀਦੀ ਹੈ।

ਸੰਪਾਦਕ-ਦਵਿੰਦਰ ਕੁਮਾਰ ਨੇ ਪ੍ਰਿੰਟਰ, ਇੰਪ੍ਰੈਸ਼ਨ ਪ੍ਰਿੰਟਿੰਗ ਅਤੇ ਪੈਕਿੰਗ ਲਿਮਿਟਿਡ, ਪਲਾਟ 22 ਅਤੇ 49 ਜੀਐਫ਼, ਇੰਡਸਟਰੀਅਲ ਏਰੀਆ, ਫੇਜ਼-2 ਪੰਚਕੂਲਾ (ਹਰਿਆਣਾ) ਤੋਂ ਪ੍ਰਕਾਸ਼ਿਤ Title code : CHAMUL00914
Editor-Davinder Kumar printed at Impression Printing & Packaging Ltd.Plot 22 & 49GF, Industrial Area, Phase-2 Panchkula(Haryana)-134115
